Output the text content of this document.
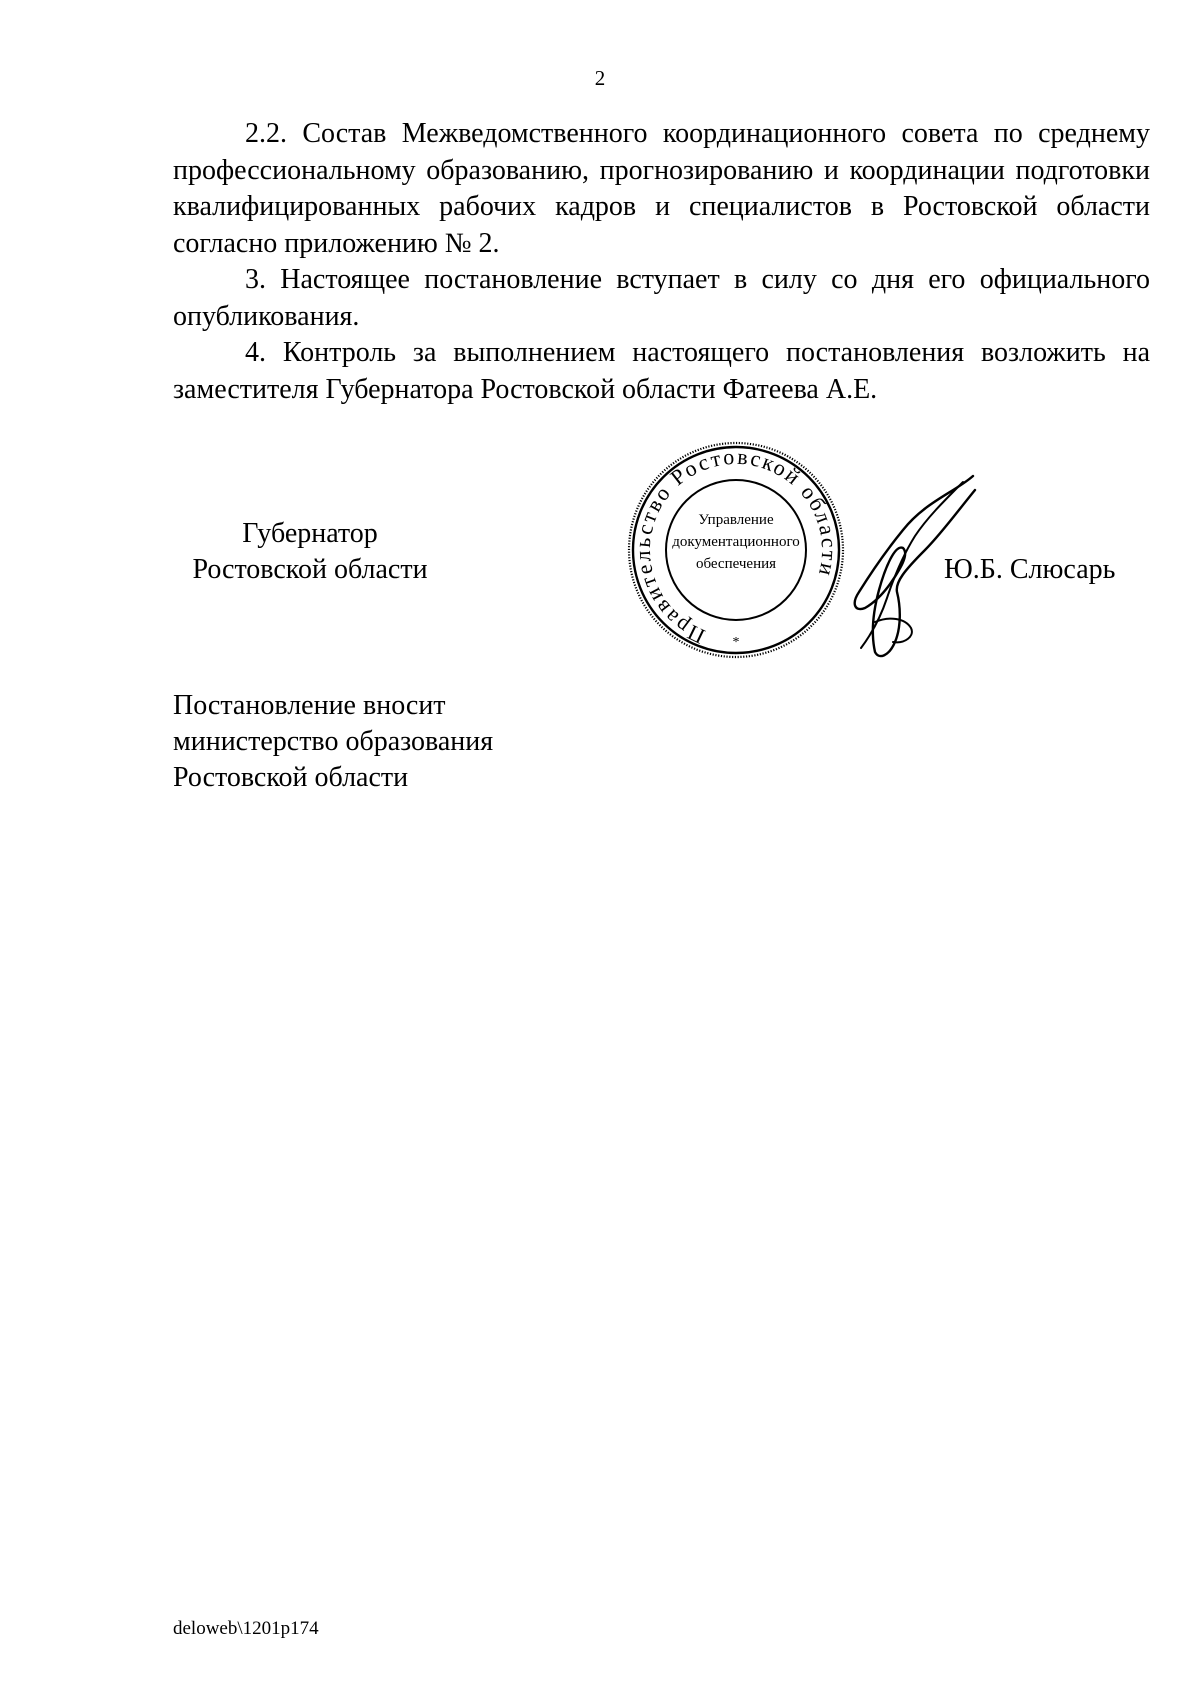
2

2.2. Состав Межведомственного координационного совета по среднему профессиональному образованию, прогнозированию и координации подготовки квалифицированных рабочих кадров и специалистов в Ростовской области согласно приложению № 2.

3. Настоящее постановление вступает в силу со дня его официального опубликования.

4. Контроль за выполнением настоящего постановления возложить на заместителя Губернатора Ростовской области Фатеева А.Е.

Губернатор
Ростовской области
Правительство Ростовской области
Управление
документационного
обеспечения
*
Ю.Б. Слюсарь
Постановление вносит
министерство образования
Ростовской области
deloweb\1201p174
